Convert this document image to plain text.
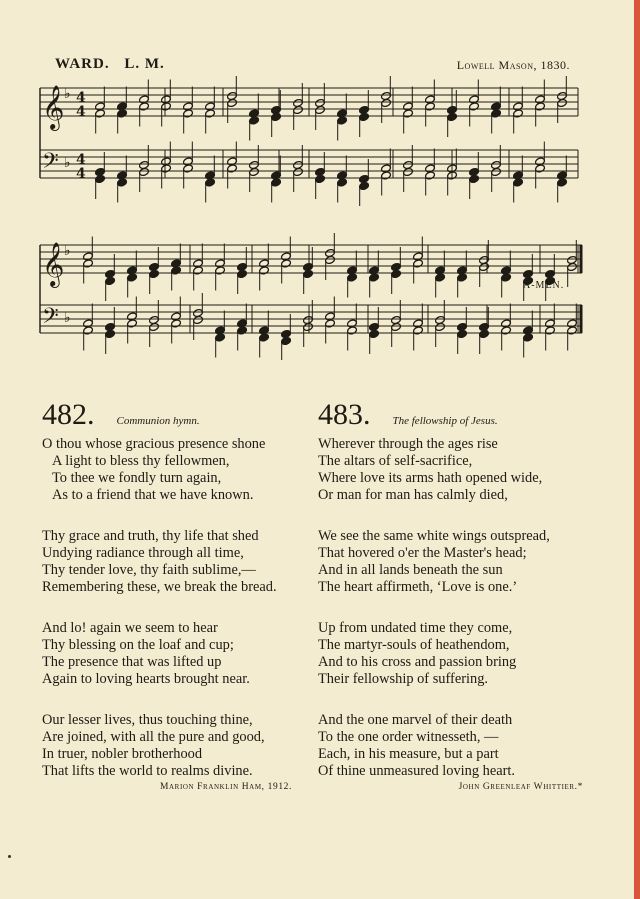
WARD. L. M.	Lowell Mason, 1830.
𝄞 ♭ 4
4
𝄢 ♭ 4
4
𝄞 ♭
𝄢 ♭
A-MEN.
482. Communion hymn.
O thou whose gracious presence shone
A light to bless thy fellowmen,
To thee we fondly turn again,
As to a friend that we have known.
Thy grace and truth, thy life that shed
Undying radiance through all time,
Thy tender love, thy faith sublime,—
Remembering these, we break the bread.
And lo! again we seem to hear
Thy blessing on the loaf and cup;
The presence that was lifted up
Again to loving hearts brought near.
Our lesser lives, thus touching thine,
Are joined, with all the pure and good,
In truer, nobler brotherhood
That lifts the world to realms divine.
Marion Franklin Ham, 1912.
483. The fellowship of Jesus.
Wherever through the ages rise
The altars of self-sacrifice,
Where love its arms hath opened wide,
Or man for man has calmly died,
We see the same white wings outspread,
That hovered o'er the Master's head;
And in all lands beneath the sun
The heart affirmeth, ‘Love is one.’
Up from undated time they come,
The martyr-souls of heathendom,
And to his cross and passion bring
Their fellowship of suffering.
And the one marvel of their death
To the one order witnesseth, —
Each, in his measure, but a part
Of thine unmeasured loving heart.
John Greenleaf Whittier.*
